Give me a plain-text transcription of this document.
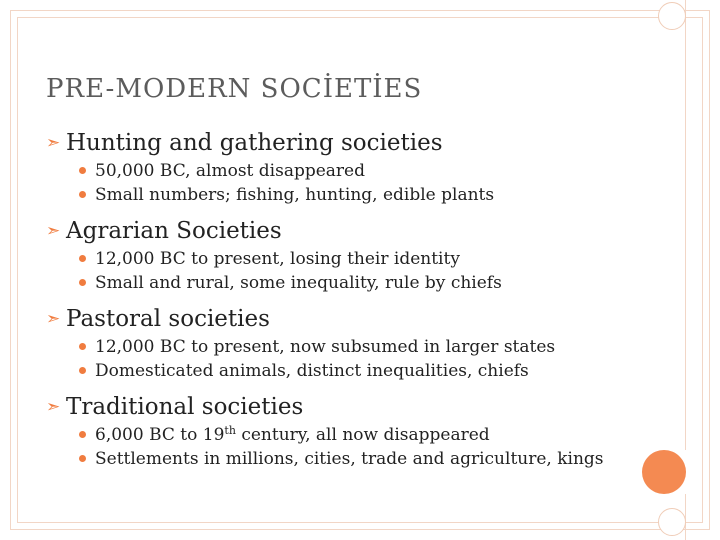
PRE-MODERN SOCİETİES
➣ Hunting and gathering societies
50,000 BC, almost disappeared
Small numbers; fishing, hunting, edible plants
➣ Agrarian Societies
12,000 BC to present, losing their identity
Small and rural, some inequality, rule by chiefs
➣ Pastoral societies
12,000 BC to present, now subsumed in larger states
Domesticated animals, distinct inequalities, chiefs
➣ Traditional societies
6,000 BC to 19th century, all now disappeared
Settlements in millions, cities, trade and agriculture, kings
